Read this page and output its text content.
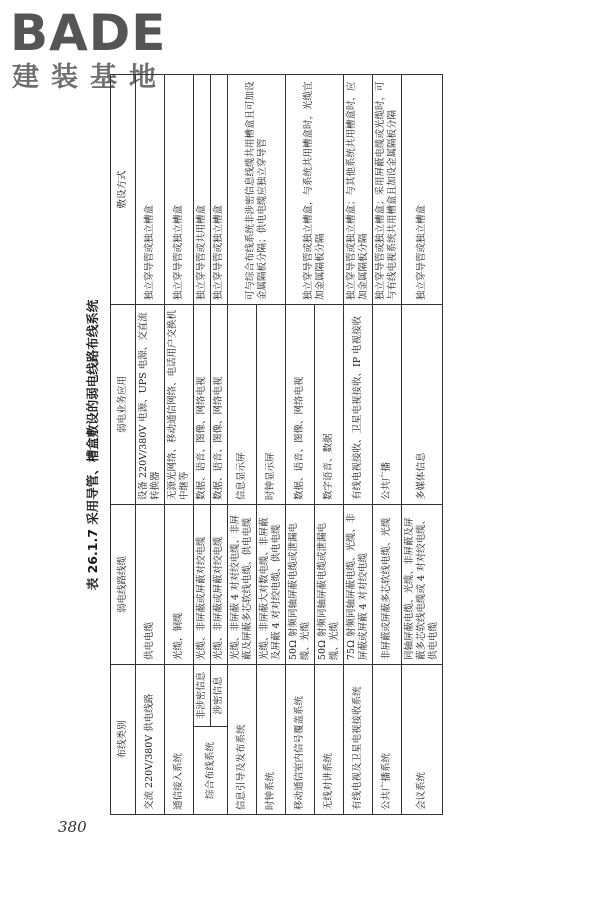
BADE
建装基地
表 26.1.7 采用导管、槽盒敷设的弱电线路布线系统
布线类别		弱电线路线缆	弱电业务应用	敷设方式
交流 220V/380V 供电线路		供电电缆	设备 220V/380V 电源、UPS 电源、交直流转换器	独立穿导管或独立槽盒
通信接入系统		光缆，铜缆	无源光网络、移动通信网络、电话用户交换机中继等	独立穿导管或独立槽盒
综合布线系统	非涉密信息	光缆、非屏蔽或屏蔽对绞电缆	数据、语音、图像、网络电视	独立穿导管或共用槽盒
	涉密信息	光缆、非屏蔽或屏蔽对绞电缆	数据、语音、图像、网络电视	独立穿导管或独立槽盒
信息引导及发布系统		光缆、非屏蔽 4 对对绞电缆、非屏蔽及屏蔽多芯软线电缆、供电电缆	信息显示屏	可与综合布线系统非涉密信息线缆共用槽盒且可加设金属隔板分隔；供电电缆应独立穿导管
时钟系统		光缆、非屏蔽大对数电缆、非屏蔽及屏蔽 4 对对绞电缆、供电电缆	时钟显示屏	
移动通信室内信号覆盖系统		50Ω 射频同轴屏蔽电缆或泄漏电缆、光缆	数据、语音、图像、网络电视	独立穿导管或独立槽盒，与系统共用槽盒时，光缆宜加金属隔板分隔
无线对讲系统		50Ω 射频同轴屏蔽电缆或泄漏电缆、光缆	数字语音、数据	
有线电视及卫星电视接收系统		75Ω 射频同轴屏蔽电缆、光缆、非屏蔽或屏蔽 4 对对绞电缆	有线电视接收、卫星电视接收、IP 电视接收	独立穿导管或独立槽盒；与其他系统共用槽盒时，应加金属隔板分隔
公共广播系统		非屏蔽或屏蔽多芯软线电缆、光缆	公共广播	独立穿导管或独立槽盒；采用屏蔽电缆或光缆时，可与有线电视系统共用槽盒且加设金属隔板分隔
会议系统		同轴屏蔽电缆、光缆、非屏蔽及屏蔽多芯软线电缆或 4 对对绞电缆、供电电缆	多媒体信息	独立穿导管或独立槽盒
380
